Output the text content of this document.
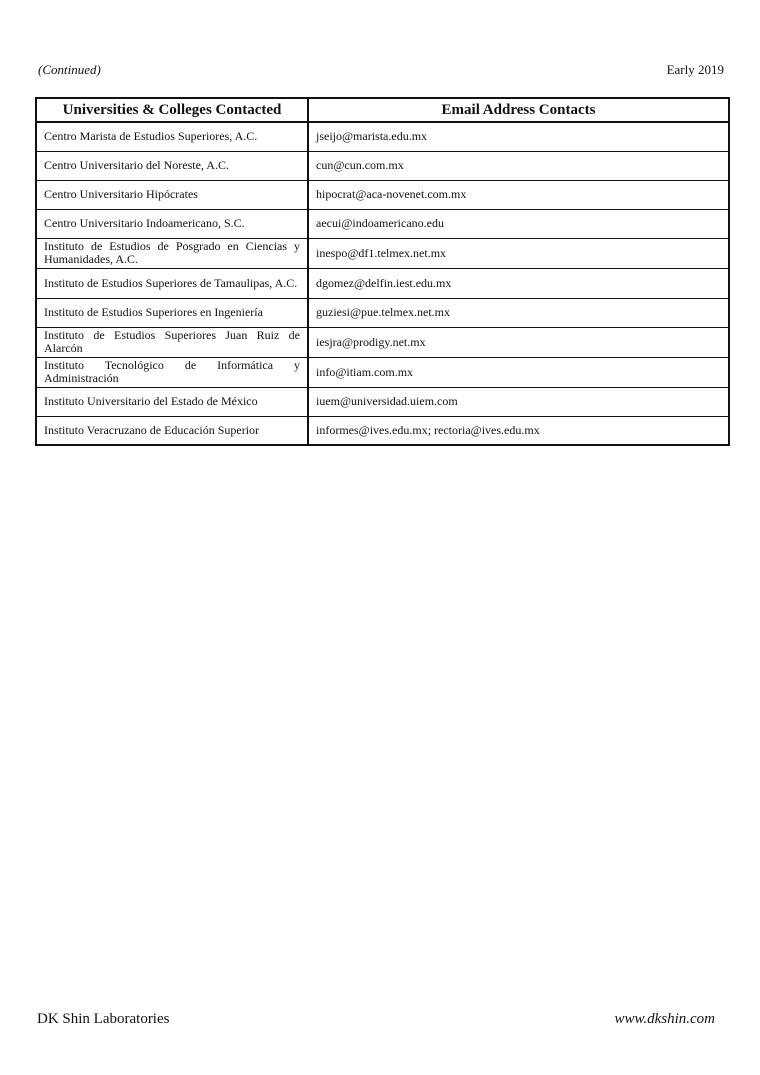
(Continued)	Early 2019
Universities & Colleges Contacted	Email Address Contacts
Centro Marista de Estudios Superiores, A.C.	jseijo@marista.edu.mx
Centro Universitario del Noreste, A.C.	cun@cun.com.mx
Centro Universitario Hipócrates	hipocrat@aca-novenet.com.mx
Centro Universitario Indoamericano, S.C.	aecui@indoamericano.edu
Instituto de Estudios de Posgrado en Ciencias y Humanidades, A.C.	inespo@df1.telmex.net.mx
Instituto de Estudios Superiores de Tamaulipas, A.C.	dgomez@delfin.iest.edu.mx
Instituto de Estudios Superiores en Ingeniería	guziesi@pue.telmex.net.mx
Instituto de Estudios Superiores Juan Ruiz de Alarcón	iesjra@prodigy.net.mx
Instituto Tecnológico de Informática y Administración	info@itiam.com.mx
Instituto Universitario del Estado de México	iuem@universidad.uiem.com
Instituto Veracruzano de Educación Superior	informes@ives.edu.mx; rectoria@ives.edu.mx
DK Shin Laboratories	www.dkshin.com
